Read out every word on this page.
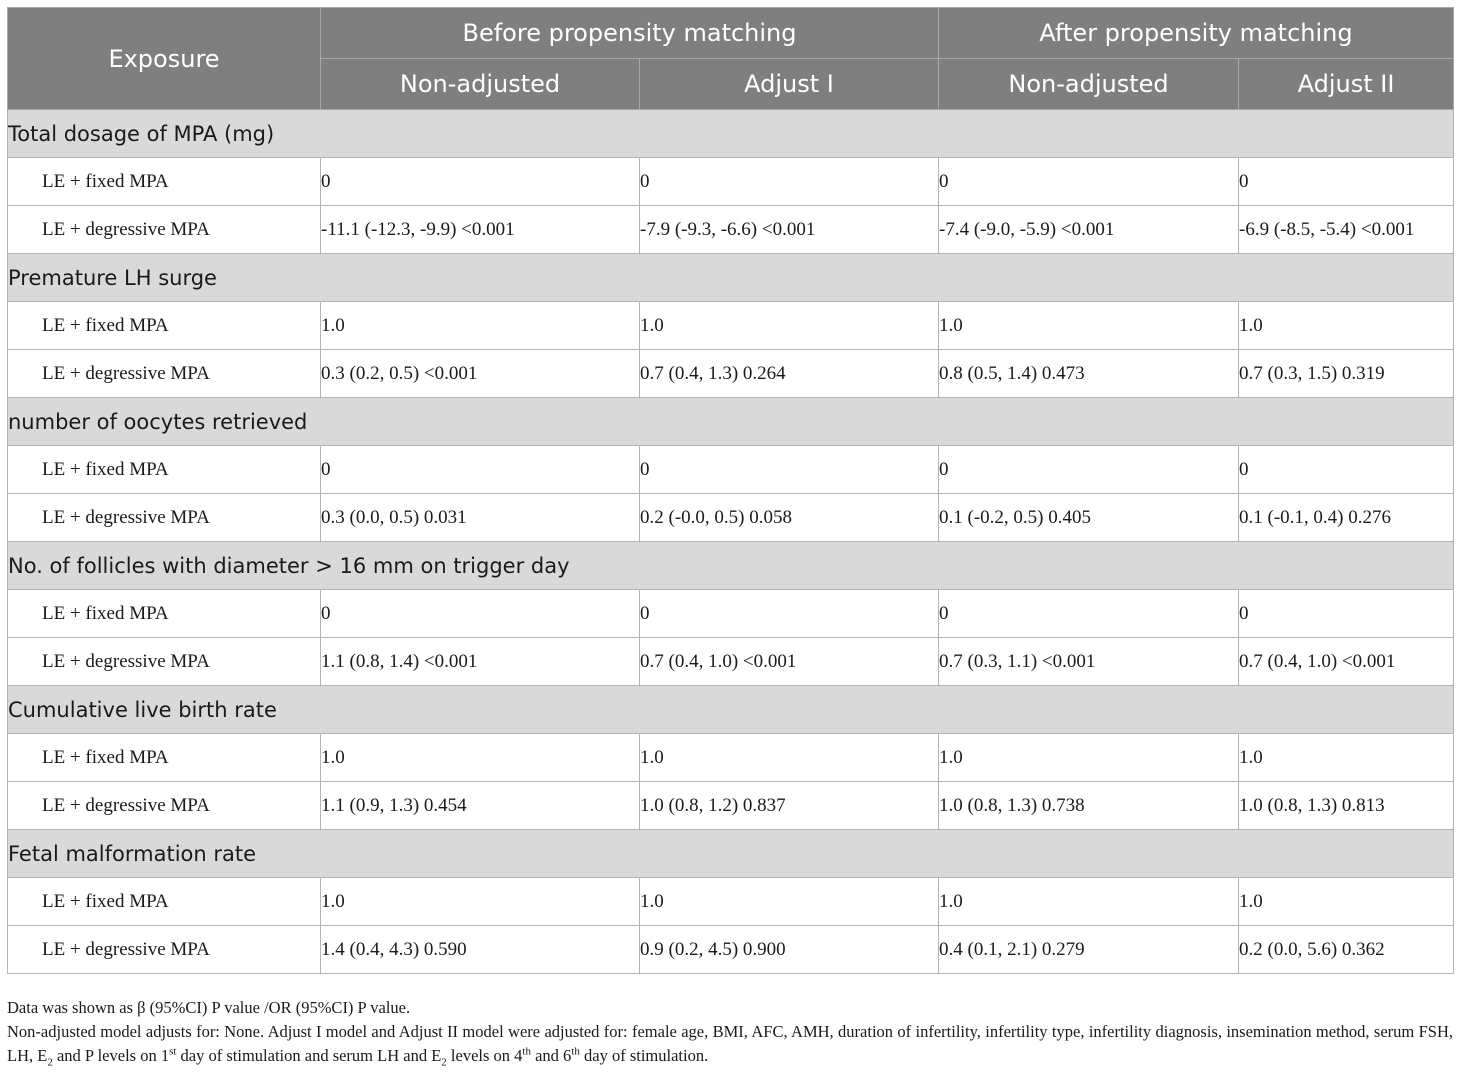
Exposure	Before propensity matching		After propensity matching	
	Non-adjusted	Adjust I	Non-adjusted	Adjust II
Total dosage of MPA (mg)				
LE + fixed MPA	0	0	0	0
LE + degressive MPA	-11.1 (-12.3, -9.9) <0.001	-7.9 (-9.3, -6.6) <0.001	-7.4 (-9.0, -5.9) <0.001	-6.9 (-8.5, -5.4) <0.001
Premature LH surge				
LE + fixed MPA	1.0	1.0	1.0	1.0
LE + degressive MPA	0.3 (0.2, 0.5) <0.001	0.7 (0.4, 1.3) 0.264	0.8 (0.5, 1.4) 0.473	0.7 (0.3, 1.5) 0.319
number of oocytes retrieved				
LE + fixed MPA	0	0	0	0
LE + degressive MPA	0.3 (0.0, 0.5) 0.031	0.2 (-0.0, 0.5) 0.058	0.1 (-0.2, 0.5) 0.405	0.1 (-0.1, 0.4) 0.276
No. of follicles with diameter > 16 mm on trigger day				
LE + fixed MPA	0	0	0	0
LE + degressive MPA	1.1 (0.8, 1.4) <0.001	0.7 (0.4, 1.0) <0.001	0.7 (0.3, 1.1) <0.001	0.7 (0.4, 1.0) <0.001
Cumulative live birth rate				
LE + fixed MPA	1.0	1.0	1.0	1.0
LE + degressive MPA	1.1 (0.9, 1.3) 0.454	1.0 (0.8, 1.2) 0.837	1.0 (0.8, 1.3) 0.738	1.0 (0.8, 1.3) 0.813
Fetal malformation rate				
LE + fixed MPA	1.0	1.0	1.0	1.0
LE + degressive MPA	1.4 (0.4, 4.3) 0.590	0.9 (0.2, 4.5) 0.900	0.4 (0.1, 2.1) 0.279	0.2 (0.0, 5.6) 0.362

Data was shown as β (95%CI) P value /OR (95%CI) P value.

Non-adjusted model adjusts for: None. Adjust I model and Adjust II model were adjusted for: female age, BMI, AFC, AMH, duration of infertility, infertility type, infertility diagnosis, insemination method, serum FSH, LH, $E_2$ and P levels on 1st day of stimulation and serum LH and $E_2$ levels on 4th and 6th day of stimulation.
